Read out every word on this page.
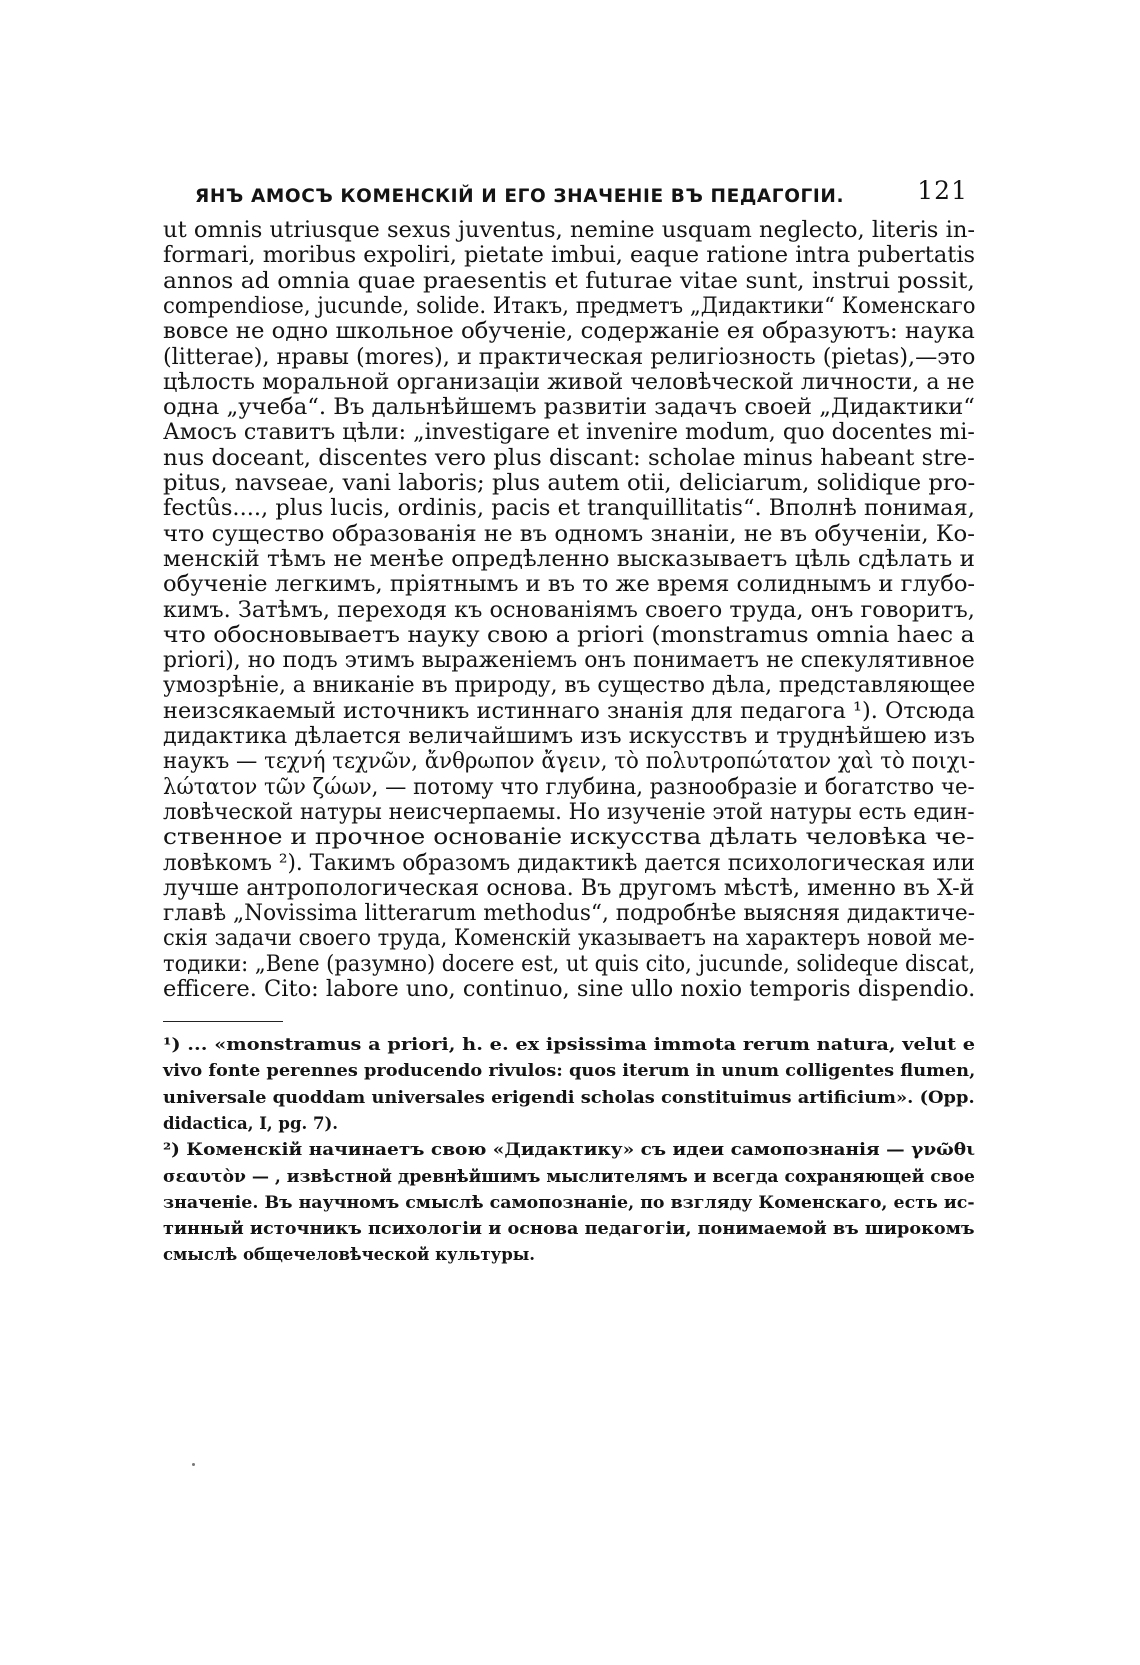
ЯНЪ АМОСЪ КОМЕНСКІЙ И ЕГО ЗНАЧЕНІЕ ВЪ ПЕДАГОГІИ.	121
ut omnis utriusque sexus juventus, nemine usquam neglecto, literis in-
formari, moribus expoliri, pietate imbui, eaque ratione intra pubertatis
annos ad omnia quae praesentis et futurae vitae sunt, instrui possit,
compendiose, jucunde, solide. Итакъ, предметъ „Дидактики“ Коменскаго
вовсе не одно школьное обученіе, содержаніе ея образуютъ: наука
(litterae), нравы (mores), и практическая религіозность (pietas),—это
цѣлость моральной организаціи живой человѣческой личности, а не
одна „учеба“. Въ дальнѣйшемъ развитіи задачъ своей „Дидактики“
Амосъ ставитъ цѣли: „investigare et invenire modum, quo docentes mi-
nus doceant, discentes vero plus discant: scholae minus habeant stre-
pitus, navseae, vani laboris; plus autem otii, deliciarum, solidique pro-
fectûs...., plus lucis, ordinis, pacis et tranquillitatis“. Вполнѣ понимая,
что существо образованія не въ одномъ знаніи, не въ обученіи, Ко-
менскій тѣмъ не менѣе опредѣленно высказываетъ цѣль сдѣлать и
обученіе легкимъ, пріятнымъ и въ то же время солиднымъ и глубо-
кимъ. Затѣмъ, переходя къ основаніямъ своего труда, онъ говоритъ,
что обосновываетъ науку свою a priori (monstramus omnia haec a
priori), но подъ этимъ выраженіемъ онъ понимаетъ не спекулятивное
умозрѣніе, а вниканіе въ природу, въ существо дѣла, представляющее
неизсякаемый источникъ истиннаго знанія для педагога ¹). Отсюда
дидактика дѣлается величайшимъ изъ искусствъ и труднѣйшею изъ
наукъ — τεχνή τεχνῶν, ἄνθρωπον ἄγειν, τὸ πολυτροπώτατον χαὶ τὸ ποιχι-
λώτατον τῶν ζώων, — потому что глубина, разнообразіе и богатство че-
ловѣческой натуры неисчерпаемы. Но изученіе этой натуры есть един-
ственное и прочное основаніе искусства дѣлать человѣка че-
ловѣкомъ ²). Такимъ образомъ дидактикѣ дается психологическая или
лучше антропологическая основа. Въ другомъ мѣстѣ, именно въ X-й
главѣ „Novissima litterarum methodus“, подробнѣе выясняя дидактиче-
скія задачи своего труда, Коменскій указываетъ на характеръ новой ме-
тодики: „Bene (разумно) docere est, ut quis cito, jucunde, solideque discat,
efficere. Cito: labore uno, continuo, sine ullo noxio temporis dispendio.
¹) ... «monstramus a priori, h. e. ex ipsissima immota rerum natura, velut e
vivo fonte perennes producendo rivulos: quos iterum in unum colligentes flumen,
universale quoddam universales erigendi scholas constituimus artificium». (Opp.
didactica, I, pg. 7).
²) Коменскій начинаетъ свою «Дидактику» съ идеи самопознанія — γνῶθι
σεαυτὸν — , извѣстной древнѣйшимъ мыслителямъ и всегда сохраняющей свое
значеніе. Въ научномъ смыслѣ самопознаніе, по взгляду Коменскаго, есть ис-
тинный источникъ психологіи и основа педагогіи, понимаемой въ широкомъ
смыслѣ общечеловѣческой культуры.
